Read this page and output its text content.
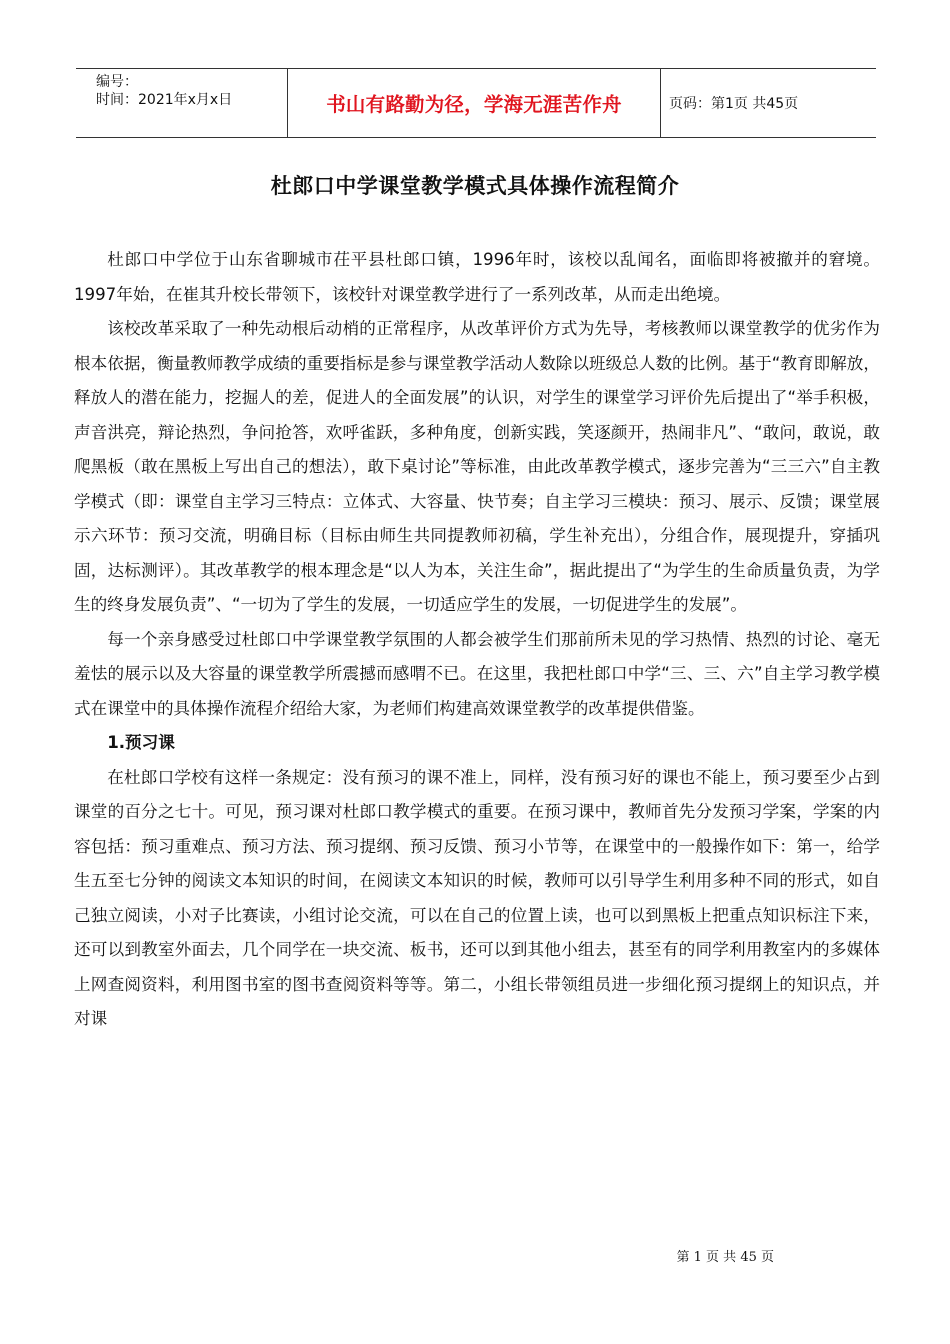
编号：
时间：2021年x月x日	书山有路勤为径，学海无涯苦作舟	页码：第1页 共45页
杜郎口中学课堂教学模式具体操作流程简介

杜郎口中学位于山东省聊城市茌平县杜郎口镇，1996年时，该校以乱闻名，面临即将被撤并的窘境。1997年始，在崔其升校长带领下，该校针对课堂教学进行了一系列改革，从而走出绝境。

该校改革采取了一种先动根后动梢的正常程序，从改革评价方式为先导，考核教师以课堂教学的优劣作为根本依据，衡量教师教学成绩的重要指标是参与课堂教学活动人数除以班级总人数的比例。基于“教育即解放，释放人的潜在能力，挖掘人的差，促进人的全面发展”的认识，对学生的课堂学习评价先后提出了“举手积极，声音洪亮，辩论热烈，争问抢答，欢呼雀跃，多种角度，创新实践，笑逐颜开，热闹非凡”、“敢问，敢说，敢爬黑板（敢在黑板上写出自己的想法），敢下桌讨论”等标准，由此改革教学模式，逐步完善为“三三六”自主教学模式（即：课堂自主学习三特点：立体式、大容量、快节奏；自主学习三模块：预习、展示、反馈；课堂展示六环节：预习交流，明确目标（目标由师生共同提教师初稿，学生补充出），分组合作，展现提升，穿插巩固，达标测评）。其改革教学的根本理念是“以人为本，关注生命”，据此提出了“为学生的生命质量负责，为学生的终身发展负责”、“一切为了学生的发展，一切适应学生的发展，一切促进学生的发展”。

每一个亲身感受过杜郎口中学课堂教学氛围的人都会被学生们那前所未见的学习热情、热烈的讨论、毫无羞怯的展示以及大容量的课堂教学所震撼而感喟不已。在这里，我把杜郎口中学“三、三、六”自主学习教学模式在课堂中的具体操作流程介绍给大家，为老师们构建高效课堂教学的改革提供借鉴。

1.预习课

在杜郎口学校有这样一条规定：没有预习的课不准上，同样，没有预习好的课也不能上，预习要至少占到课堂的百分之七十。可见，预习课对杜郎口教学模式的重要。在预习课中，教师首先分发预习学案，学案的内容包括：预习重难点、预习方法、预习提纲、预习反馈、预习小节等，在课堂中的一般操作如下：第一，给学生五至七分钟的阅读文本知识的时间，在阅读文本知识的时候，教师可以引导学生利用多种不同的形式，如自己独立阅读，小对子比赛读，小组讨论交流，可以在自己的位置上读，也可以到黑板上把重点知识标注下来，还可以到教室外面去，几个同学在一块交流、板书，还可以到其他小组去，甚至有的同学利用教室内的多媒体上网查阅资料，利用图书室的图书查阅资料等等。第二，小组长带领组员进一步细化预习提纲上的知识点，并对课

第 1 页 共 45 页
